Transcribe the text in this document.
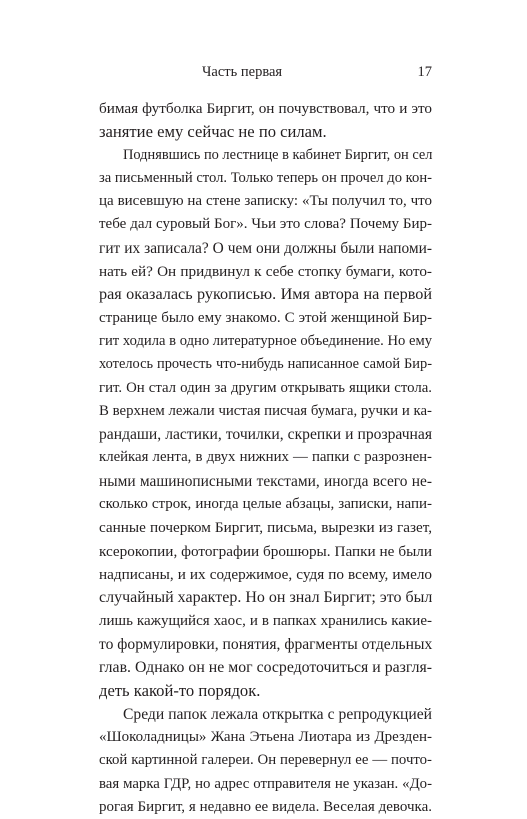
Часть первая	17
бимая футболка Биргит, он почувствовал, что и это
занятие ему сейчас не по силам.
Поднявшись по лестнице в кабинет Биргит, он сел
за письменный стол. Только теперь он прочел до кон-
ца висевшую на стене записку: «Ты получил то, что
тебе дал суровый Бог». Чьи это слова? Почему Бир-
гит их записала? О чем они должны были напоми-
нать ей? Он придвинул к себе стопку бумаги, кото-
рая оказалась рукописью. Имя автора на первой
странице было ему знакомо. С этой женщиной Бир-
гит ходила в одно литературное объединение. Но ему
хотелось прочесть что-нибудь написанное самой Бир-
гит. Он стал один за другим открывать ящики стола.
В верхнем лежали чистая писчая бумага, ручки и ка-
рандаши, ластики, точилки, скрепки и прозрачная
клейкая лента, в двух нижних — папки с разрознен-
ными машинописными текстами, иногда всего не-
сколько строк, иногда целые абзацы, записки, напи-
санные почерком Биргит, письма, вырезки из газет,
ксерокопии, фотографии брошюры. Папки не были
надписаны, и их содержимое, судя по всему, имело
случайный характер. Но он знал Биргит; это был
лишь кажущийся хаос, и в папках хранились какие-
то формулировки, понятия, фрагменты отдельных
глав. Однако он не мог сосредоточиться и разгля-
деть какой-то порядок.
Среди папок лежала открытка с репродукцией
«Шоколадницы» Жана Этьена Лиотара из Дрезден-
ской картинной галереи. Он перевернул ее — почто-
вая марка ГДР, но адрес отправителя не указан. «До-
рогая Биргит, я недавно ее видела. Веселая девочка.
